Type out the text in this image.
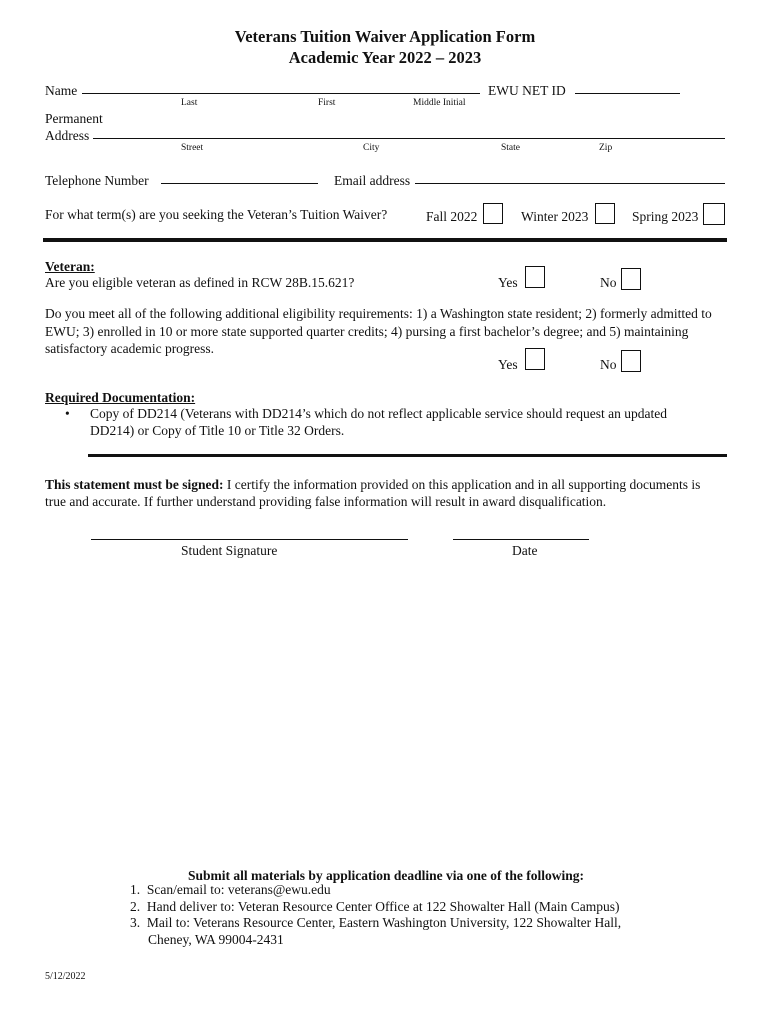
Veterans Tuition Waiver Application Form
Academic Year 2022 – 2023
Name
Last	First	Middle Initial
EWU NET ID
Permanent
Address
Street	City	State	Zip
Telephone Number	Email address
For what term(s) are you seeking the Veteran’s Tuition Waiver?	Fall 2022	Winter 2023	Spring 2023
Veteran:
Are you eligible veteran as defined in RCW 28B.15.621?	Yes	No
Do you meet all of the following additional eligibility requirements: 1) a Washington state resident; 2) formerly admitted to EWU; 3) enrolled in 10 or more state supported quarter credits; 4) pursing a first bachelor’s degree; and 5) maintaining satisfactory academic progress.
Yes	No
Required Documentation:
• Copy of DD214 (Veterans with DD214’s which do not reflect applicable service should request an updated
DD214) or Copy of Title 10 or Title 32 Orders.
This statement must be signed: I certify the information provided on this application and in all supporting documents is
true and accurate. If further understand providing false information will result in award disqualification.
Student Signature	Date
Submit all materials by application deadline via one of the following:
1. Scan/email to: veterans@ewu.edu
2. Hand deliver to: Veteran Resource Center Office at 122 Showalter Hall (Main Campus)
3. Mail to: Veterans Resource Center, Eastern Washington University, 122 Showalter Hall,
Cheney, WA 99004-2431
5/12/2022
